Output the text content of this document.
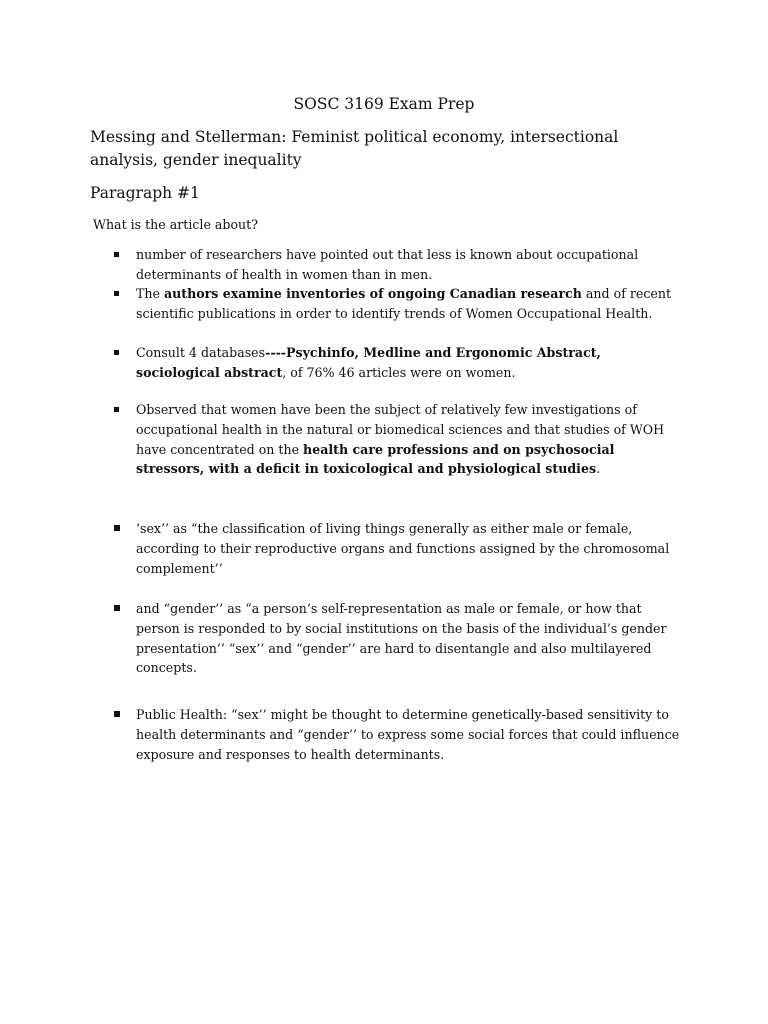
SOSC 3169 Exam Prep
Messing and Stellerman: Feminist political economy, intersectional analysis, gender inequality
Paragraph #1
What is the article about?
number of researchers have pointed out that less is known about occupational determinants of health in women than in men.
The authors examine inventories of ongoing Canadian research and of recent scientific publications in order to identify trends of Women Occupational Health.
Consult 4 databases----Psychinfo, Medline and Ergonomic Abstract, sociological abstract, of 76% 46 articles were on women.
Observed that women have been the subject of relatively few investigations of occupational health in the natural or biomedical sciences and that studies of WOH have concentrated on the health care professions and on psychosocial stressors, with a deficit in toxicological and physiological studies.
‘sex’’ as “the classification of living things generally as either male or female, according to their reproductive organs and functions assigned by the chromosomal complement’’
and “gender’’ as “a person’s self-representation as male or female, or how that person is responded to by social institutions on the basis of the individual’s gender presentation’’ “sex’’ and “gender’’ are hard to disentangle and also multilayered concepts.
Public Health: “sex’’ might be thought to determine genetically-based sensitivity to health determinants and “gender’’ to express some social forces that could influence exposure and responses to health determinants.
